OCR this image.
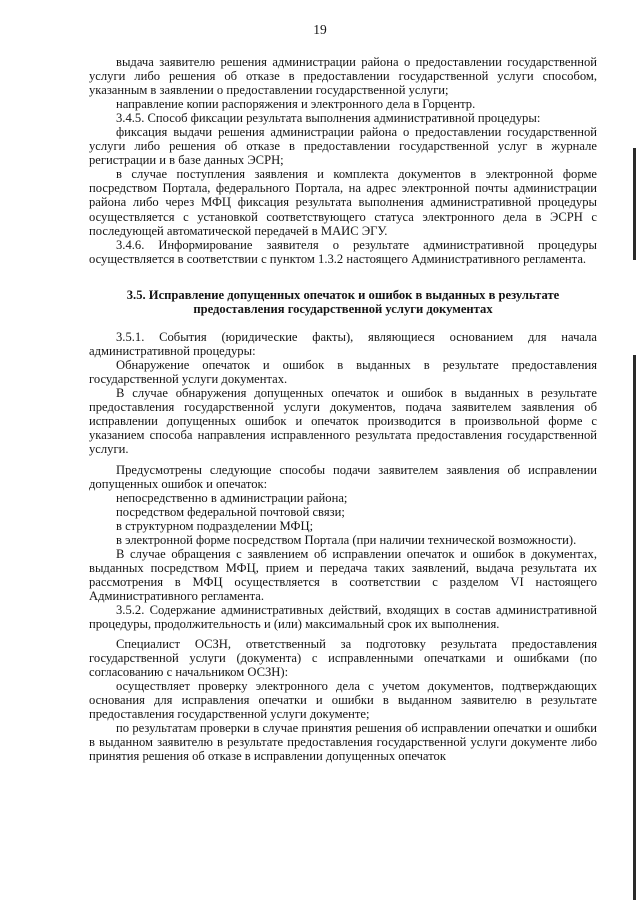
19

выдача заявителю решения администрации района о предоставлении государственной услуги либо решения об отказе в предоставлении государственной услуги способом, указанным в заявлении о предоставлении государственной услуги;

направление копии распоряжения и электронного дела в Горцентр.

3.4.5. Способ фиксации результата выполнения административной процедуры:

фиксация выдачи решения администрации района о предоставлении государственной услуги либо решения об отказе в предоставлении государственной услуг в журнале регистрации и в базе данных ЭСРН;

в случае поступления заявления и комплекта документов в электронной форме посредством Портала, федерального Портала, на адрес электронной почты администрации района либо через МФЦ фиксация результата выполнения административной процедуры осуществляется с установкой соответствующего статуса электронного дела в ЭСРН с последующей автоматической передачей в МАИС ЭГУ.

3.4.6. Информирование заявителя о результате административной процедуры осуществляется в соответствии с пунктом 1.3.2 настоящего Административного регламента.

3.5. Исправление допущенных опечаток и ошибок в выданных в результате предоставления государственной услуги документах

3.5.1. События (юридические факты), являющиеся основанием для начала административной процедуры:

Обнаружение опечаток и ошибок в выданных в результате предоставления государственной услуги документах.

В случае обнаружения допущенных опечаток и ошибок в выданных в результате предоставления государственной услуги документов, подача заявителем заявления об исправлении допущенных ошибок и опечаток производится в произвольной форме с указанием способа направления исправленного результата предоставления государственной услуги.

Предусмотрены следующие способы подачи заявителем заявления об исправлении допущенных ошибок и опечаток:

непосредственно в администрации района;

посредством федеральной почтовой связи;

в структурном подразделении МФЦ;

в электронной форме посредством Портала (при наличии технической возможности).

В случае обращения с заявлением об исправлении опечаток и ошибок в документах, выданных посредством МФЦ, прием и передача таких заявлений, выдача результата их рассмотрения в МФЦ осуществляется в соответствии с разделом VI настоящего Административного регламента.

3.5.2. Содержание административных действий, входящих в состав административной процедуры, продолжительность и (или) максимальный срок их выполнения.

Специалист ОСЗН, ответственный за подготовку результата предоставления государственной услуги (документа) с исправленными опечатками и ошибками (по согласованию с начальником ОСЗН):

осуществляет проверку электронного дела с учетом документов, подтверждающих основания для исправления опечатки и ошибки в выданном заявителю в результате предоставления государственной услуги документе;

по результатам проверки в случае принятия решения об исправлении опечатки и ошибки в выданном заявителю в результате предоставления государственной услуги документе либо принятия решения об отказе в исправлении допущенных опечаток
